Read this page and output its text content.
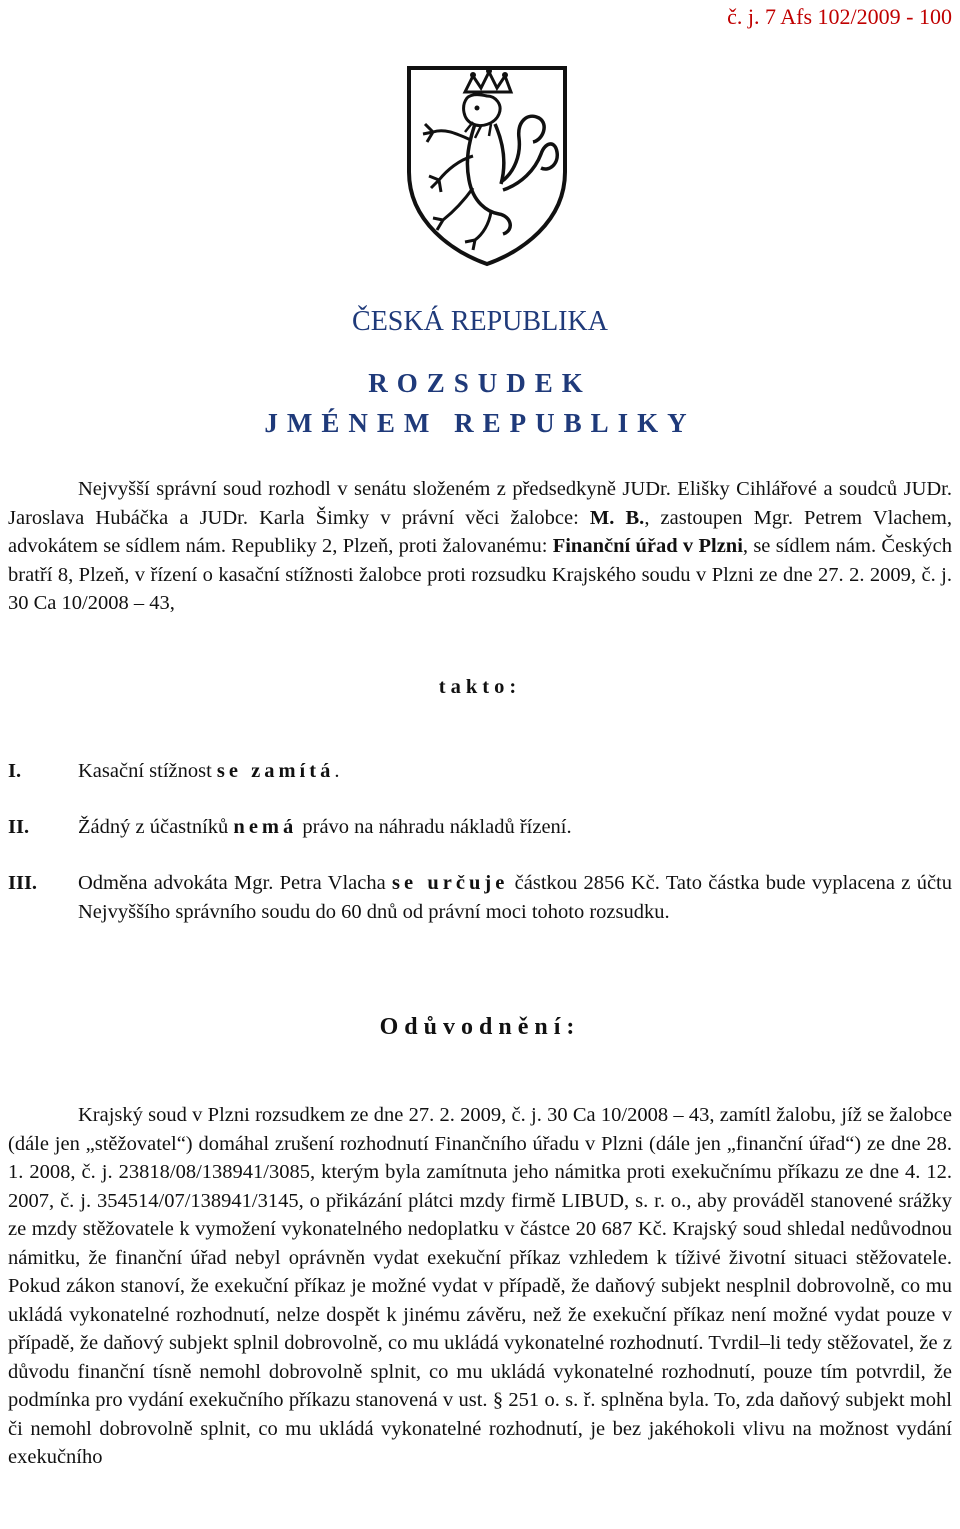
č. j. 7 Afs 102/2009 - 100
ČESKÁ REPUBLIKA
ROZSUDEK
JMÉNEM REPUBLIKY
Nejvyšší správní soud rozhodl v senátu složeném z předsedkyně JUDr. Elišky Cihlářové a soudců JUDr. Jaroslava Hubáčka a JUDr. Karla Šimky v právní věci žalobce: M. B., zastoupen Mgr. Petrem Vlachem, advokátem se sídlem nám. Republiky 2, Plzeň, proti žalovanému: Finanční úřad v Plzni, se sídlem nám. Českých bratří 8, Plzeň, v řízení o kasační stížnosti žalobce proti rozsudku Krajského soudu v Plzni ze dne 27. 2. 2009, č. j. 30 Ca 10/2008 – 43,
takto:
I.	Kasační stížnost se zamítá.
II. Žádný z účastníků nemá právo na náhradu nákladů řízení.
III. Odměna advokáta Mgr. Petra Vlacha se určuje částkou 2856 Kč. Tato částka bude vyplacena z účtu Nejvyššího správního soudu do 60 dnů od právní moci tohoto rozsudku.
Odůvodnění:
Krajský soud v Plzni rozsudkem ze dne 27. 2. 2009, č. j. 30 Ca 10/2008 – 43, zamítl žalobu, jíž se žalobce (dále jen „stěžovatel“) domáhal zrušení rozhodnutí Finančního úřadu v Plzni (dále jen „finanční úřad“) ze dne 28. 1. 2008, č. j. 23818/08/138941/3085, kterým byla zamítnuta jeho námitka proti exekučnímu příkazu ze dne 4. 12. 2007, č. j. 354514/07/138941/3145, o přikázání plátci mzdy firmě LIBUD, s. r. o., aby prováděl stanovené srážky ze mzdy stěžovatele k vymožení vykonatelného nedoplatku v částce 20 687 Kč. Krajský soud shledal nedůvodnou námitku, že finanční úřad nebyl oprávněn vydat exekuční příkaz vzhledem k tíživé životní situaci stěžovatele. Pokud zákon stanoví, že exekuční příkaz je možné vydat v případě, že daňový subjekt nesplnil dobrovolně, co mu ukládá vykonatelné rozhodnutí, nelze dospět k jinému závěru, než že exekuční příkaz není možné vydat pouze v případě, že daňový subjekt splnil dobrovolně, co mu ukládá vykonatelné rozhodnutí. Tvrdil–li tedy stěžovatel, že z důvodu finanční tísně nemohl dobrovolně splnit, co mu ukládá vykonatelné rozhodnutí, pouze tím potvrdil, že podmínka pro vydání exekučního příkazu stanovená v ust. § 251 o. s. ř. splněna byla. To, zda daňový subjekt mohl či nemohl dobrovolně splnit, co mu ukládá vykonatelné rozhodnutí, je bez jakéhokoli vlivu na možnost vydání exekučního
